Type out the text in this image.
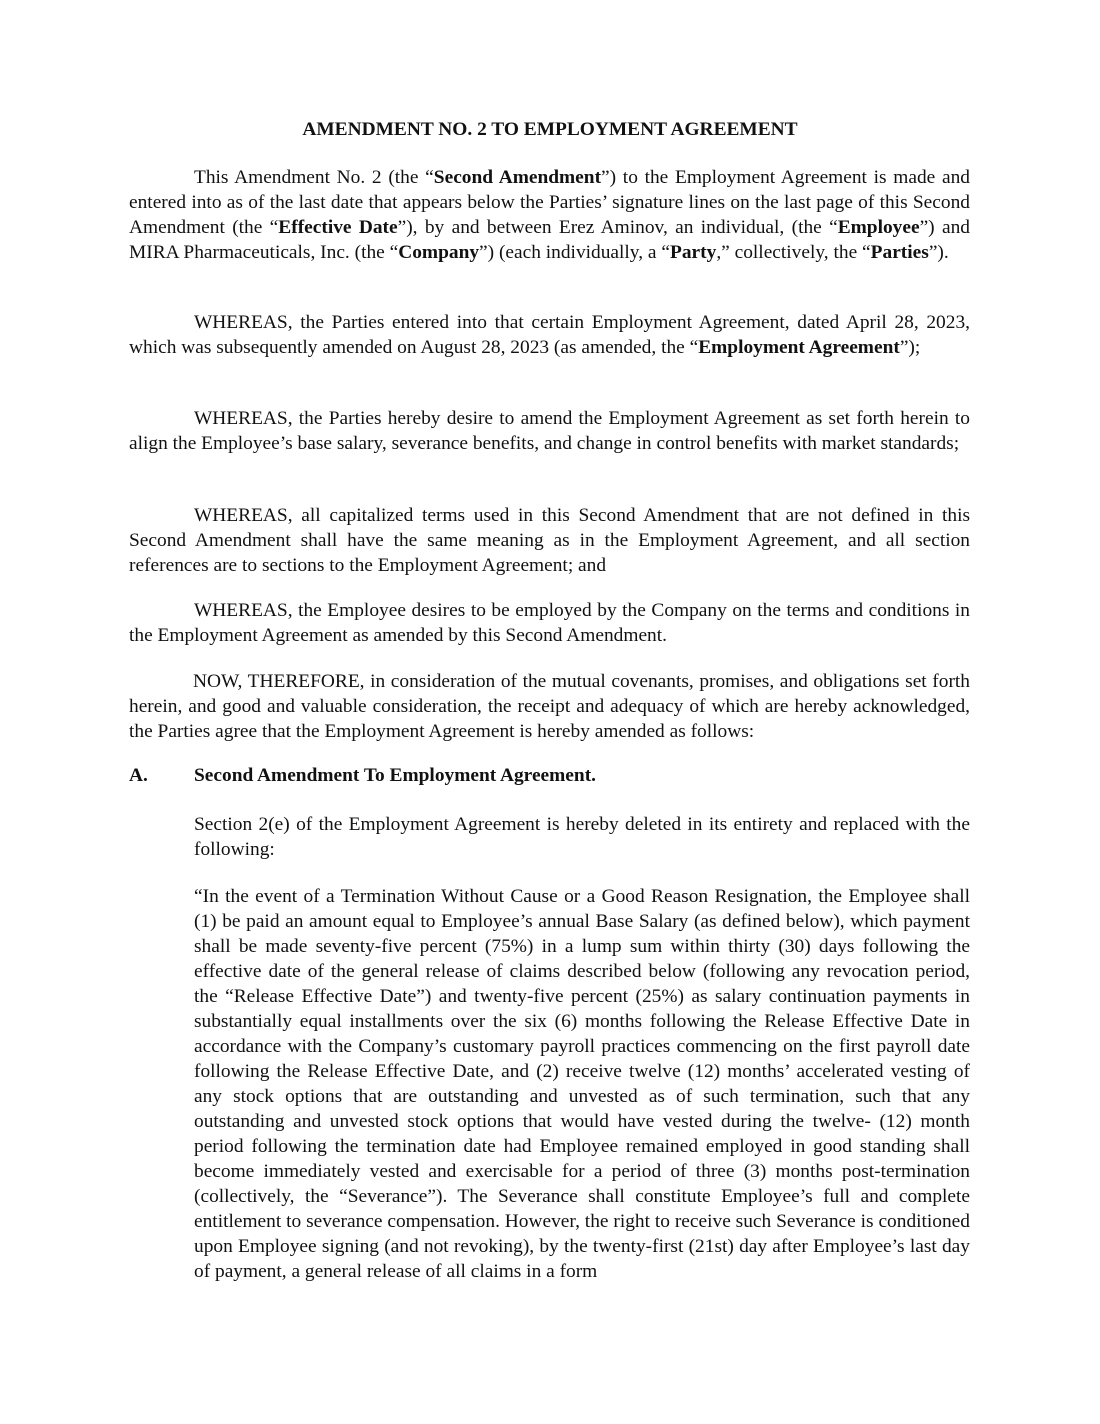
AMENDMENT NO. 2 TO EMPLOYMENT AGREEMENT

This Amendment No. 2 (the “Second Amendment”) to the Employment Agreement is made and entered into as of the last date that appears below the Parties’ signature lines on the last page of this Second Amendment (the “Effective Date”), by and between Erez Aminov, an individual, (the “Employee”) and MIRA Pharmaceuticals, Inc. (the “Company”) (each individually, a “Party,” collectively, the “Parties”).

WHEREAS, the Parties entered into that certain Employment Agreement, dated April 28, 2023, which was subsequently amended on August 28, 2023 (as amended, the “Employment Agreement”);

WHEREAS, the Parties hereby desire to amend the Employment Agreement as set forth herein to align the Employee’s base salary, severance benefits, and change in control benefits with market standards;

WHEREAS, all capitalized terms used in this Second Amendment that are not defined in this Second Amendment shall have the same meaning as in the Employment Agreement, and all section references are to sections to the Employment Agreement; and

WHEREAS, the Employee desires to be employed by the Company on the terms and conditions in the Employment Agreement as amended by this Second Amendment.

NOW, THEREFORE, in consideration of the mutual covenants, promises, and obligations set forth herein, and good and valuable consideration, the receipt and adequacy of which are hereby acknowledged, the Parties agree that the Employment Agreement is hereby amended as follows:

A. Second Amendment To Employment Agreement.

Section 2(e) of the Employment Agreement is hereby deleted in its entirety and replaced with the following:

“In the event of a Termination Without Cause or a Good Reason Resignation, the Employee shall (1) be paid an amount equal to Employee’s annual Base Salary (as defined below), which payment shall be made seventy-five percent (75%) in a lump sum within thirty (30) days following the effective date of the general release of claims described below (following any revocation period, the “Release Effective Date”) and twenty-five percent (25%) as salary continuation payments in substantially equal installments over the six (6) months following the Release Effective Date in accordance with the Company’s customary payroll practices commencing on the first payroll date following the Release Effective Date, and (2) receive twelve (12) months’ accelerated vesting of any stock options that are outstanding and unvested as of such termination, such that any outstanding and unvested stock options that would have vested during the twelve- (12) month period following the termination date had Employee remained employed in good standing shall become immediately vested and exercisable for a period of three (3) months post-termination (collectively, the “Severance”). The Severance shall constitute Employee’s full and complete entitlement to severance compensation. However, the right to receive such Severance is conditioned upon Employee signing (and not revoking), by the twenty-first (21st) day after Employee’s last day of payment, a general release of all claims in a form
